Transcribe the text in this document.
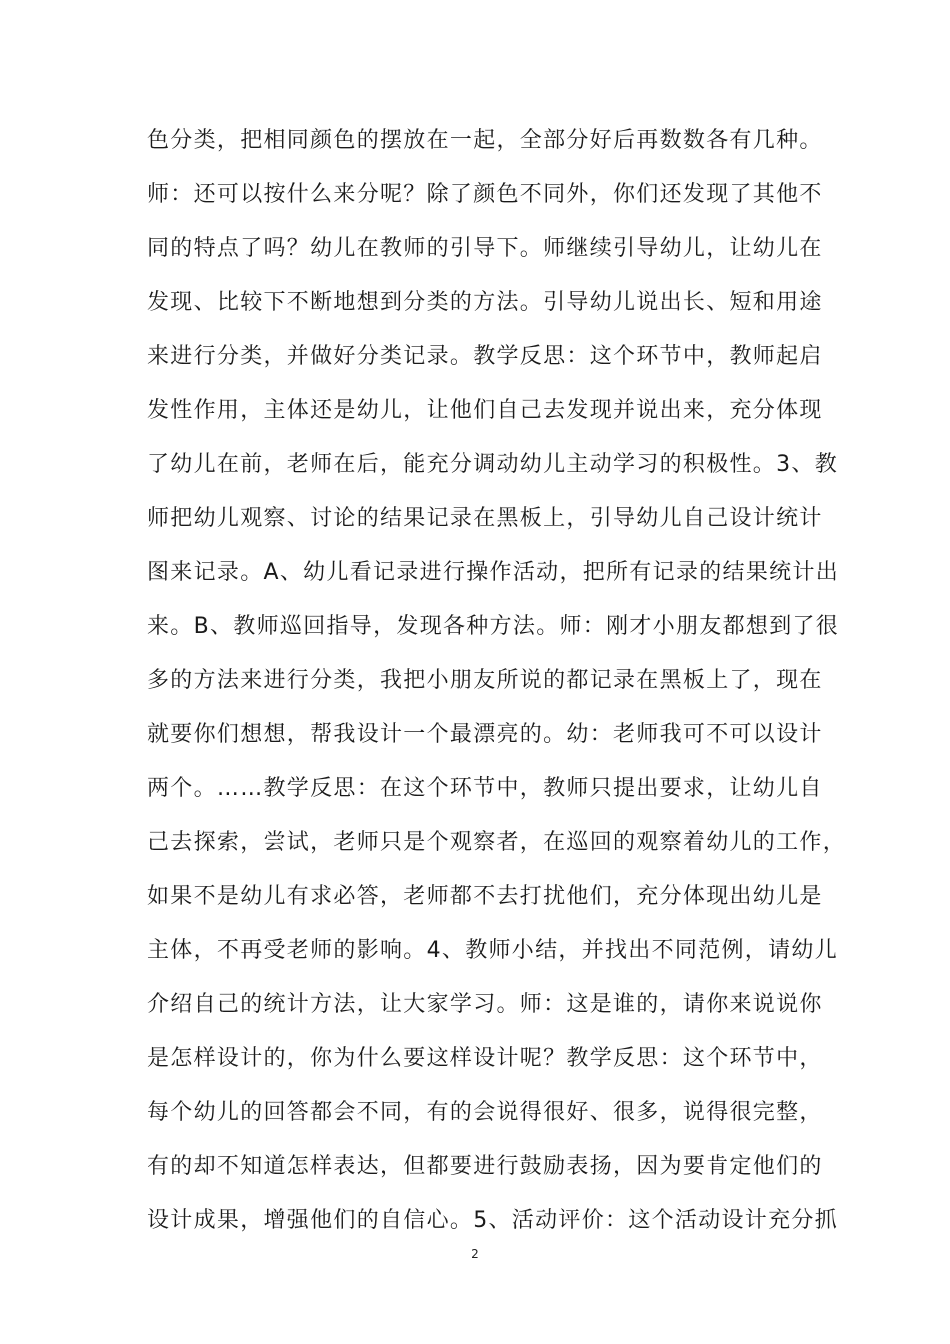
色分类，把相同颜色的摆放在一起，全部分好后再数数各有几种。
师：还可以按什么来分呢？除了颜色不同外，你们还发现了其他不
同的特点了吗？幼儿在教师的引导下。师继续引导幼儿，让幼儿在
发现、比较下不断地想到分类的方法。引导幼儿说出长、短和用途
来进行分类，并做好分类记录。教学反思：这个环节中，教师起启
发性作用，主体还是幼儿，让他们自己去发现并说出来，充分体现
了幼儿在前，老师在后，能充分调动幼儿主动学习的积极性。3、教
师把幼儿观察、讨论的结果记录在黑板上，引导幼儿自己设计统计
图来记录。A、幼儿看记录进行操作活动，把所有记录的结果统计出
来。B、教师巡回指导，发现各种方法。师：刚才小朋友都想到了很
多的方法来进行分类，我把小朋友所说的都记录在黑板上了，现在
就要你们想想，帮我设计一个最漂亮的。幼：老师我可不可以设计
两个。……教学反思：在这个环节中，教师只提出要求，让幼儿自
己去探索，尝试，老师只是个观察者，在巡回的观察着幼儿的工作，
如果不是幼儿有求必答，老师都不去打扰他们，充分体现出幼儿是
主体，不再受老师的影响。4、教师小结，并找出不同范例，请幼儿
介绍自己的统计方法，让大家学习。师：这是谁的，请你来说说你
是怎样设计的，你为什么要这样设计呢？教学反思：这个环节中，
每个幼儿的回答都会不同，有的会说得很好、很多，说得很完整，
有的却不知道怎样表达，但都要进行鼓励表扬，因为要肯定他们的
设计成果，增强他们的自信心。5、活动评价：这个活动设计充分抓
2
